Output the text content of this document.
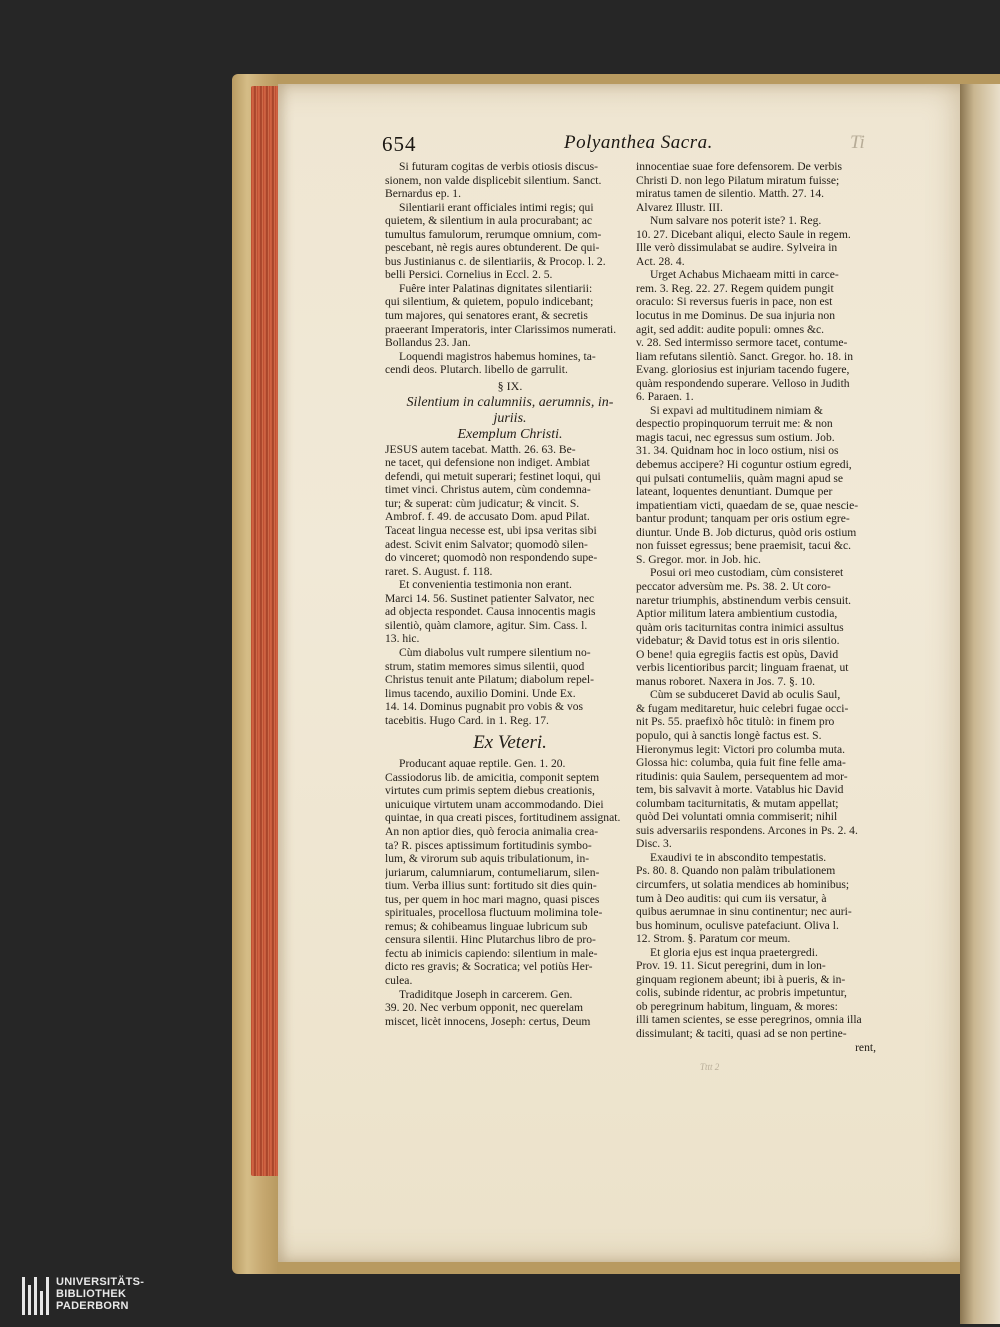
654	Polyanthea Sacra.	Ti

Si futuram cogitas de verbis otiosis discus-

sionem, non valde displicebit silentium. Sanct.

Bernardus ep. 1.

Silentiarii erant officiales intimi regis; qui

quietem, & silentium in aula procurabant; ac

tumultus famulorum, rerumque omnium, com-

pescebant, nè regis aures obtunderent. De qui-

bus Justinianus c. de silentiariis, & Procop. l. 2.

belli Persici. Cornelius in Eccl. 2. 5.

Fuêre inter Palatinas dignitates silentiarii:

qui silentium, & quietem, populo indicebant;

tum majores, qui senatores erant, & secretis

praeerant Imperatoris, inter Clarissimos numerati.

Bollandus 23. Jan.

Loquendi magistros habemus homines, ta-

cendi deos. Plutarch. libello de garrulit.

§ IX.

Silentium in calumniis, aerumnis, in-

juriis.

Exemplum Christi.

JESUS autem tacebat. Matth. 26. 63. Be-

ne tacet, qui defensione non indiget. Ambiat

defendi, qui metuit superari; festinet loqui, qui

timet vinci. Christus autem, cùm condemna-

tur; & superat: cùm judicatur; & vincit. S.

Ambrof. f. 49. de accusato Dom. apud Pilat.

Taceat lingua necesse est, ubi ipsa veritas sibi

adest. Scivit enim Salvator; quomodò silen-

do vinceret; quomodò non respondendo supe-

raret. S. August. f. 118.

Et convenientia testimonia non erant.

Marci 14. 56. Sustinet patienter Salvator, nec

ad objecta respondet. Causa innocentis magis

silentiò, quàm clamore, agitur. Sim. Cass. l.

13. hic.

Cùm diabolus vult rumpere silentium no-

strum, statim memores simus silentii, quod

Christus tenuit ante Pilatum; diabolum repel-

limus tacendo, auxilio Domini. Unde Ex.

14. 14. Dominus pugnabit pro vobis & vos

tacebitis. Hugo Card. in 1. Reg. 17.

Ex Veteri.

Producant aquae reptile. Gen. 1. 20.

Cassiodorus lib. de amicitia, componit septem

virtutes cum primis septem diebus creationis,

unicuique virtutem unam accommodando. Diei

quintae, in qua creati pisces, fortitudinem assignat.

An non aptior dies, quò ferocia animalia crea-

ta? R. pisces aptissimum fortitudinis symbo-

lum, & virorum sub aquis tribulationum, in-

juriarum, calumniarum, contumeliarum, silen-

tium. Verba illius sunt: fortitudo sit dies quin-

tus, per quem in hoc mari magno, quasi pisces

spirituales, procellosa fluctuum molimina tole-

remus; & cohibeamus linguae lubricum sub

censura silentii. Hinc Plutarchus libro de pro-

fectu ab inimicis capiendo: silentium in male-

dicto res gravis; & Socratica; vel potiùs Her-

culea.

Tradiditque Joseph in carcerem. Gen.

39. 20. Nec verbum opponit, nec querelam

miscet, licèt innocens, Joseph: certus, Deum

innocentiae suae fore defensorem. De verbis

Christi D. non lego Pilatum miratum fuisse;

miratus tamen de silentio. Matth. 27. 14.

Alvarez Illustr. III.

Num salvare nos poterit iste? 1. Reg.

10. 27. Dicebant aliqui, electo Saule in regem.

Ille verò dissimulabat se audire. Sylveira in

Act. 28. 4.

Urget Achabus Michaeam mitti in carce-

rem. 3. Reg. 22. 27. Regem quidem pungit

oraculo: Si reversus fueris in pace, non est

locutus in me Dominus. De sua injuria non

agit, sed addit: audite populi: omnes &c.

v. 28. Sed intermisso sermore tacet, contume-

liam refutans silentiò. Sanct. Gregor. ho. 18. in

Evang. gloriosius est injuriam tacendo fugere,

quàm respondendo superare. Velloso in Judith

6. Paraen. 1.

Si expavi ad multitudinem nimiam &

despectio propinquorum terruit me: & non

magis tacui, nec egressus sum ostium. Job.

31. 34. Quidnam hoc in loco ostium, nisi os

debemus accipere? Hi coguntur ostium egredi,

qui pulsati contumeliis, quàm magni apud se

lateant, loquentes denuntiant. Dumque per

impatientiam victi, quaedam de se, quae nescie-

bantur produnt; tanquam per oris ostium egre-

diuntur. Unde B. Job dicturus, quòd oris ostium

non fuisset egressus; bene praemisit, tacui &c.

S. Gregor. mor. in Job. hic.

Posui ori meo custodiam, cùm consisteret

peccator adversùm me. Ps. 38. 2. Ut coro-

naretur triumphis, abstinendum verbis censuit.

Aptior militum latera ambientium custodia,

quàm oris taciturnitas contra inimici assultus

videbatur; & David totus est in oris silentio.

O bene! quia egregiis factis est opùs, David

verbis licentioribus parcit; linguam fraenat, ut

manus roboret. Naxera in Jos. 7. §. 10.

Cùm se subduceret David ab oculis Saul,

& fugam meditaretur, huic celebri fugae occi-

nit Ps. 55. praefixò hôc titulò: in finem pro

populo, qui à sanctis longè factus est. S.

Hieronymus legit: Victori pro columba muta.

Glossa hic: columba, quia fuit fine felle ama-

ritudinis: quia Saulem, persequentem ad mor-

tem, bis salvavit à morte. Vatablus hic David

columbam taciturnitatis, & mutam appellat;

quòd Dei voluntati omnia commiserit; nihil

suis adversariis respondens. Arcones in Ps. 2. 4.

Disc. 3.

Exaudivi te in abscondito tempestatis.

Ps. 80. 8. Quando non palàm tribulationem

circumfers, ut solatia mendices ab hominibus;

tum à Deo auditis: qui cum iis versatur, à

quibus aerumnae in sinu continentur; nec auri-

bus hominum, oculisve patefaciunt. Oliva l.

12. Strom. §. Paratum cor meum.

Et gloria ejus est inqua praetergredi.

Prov. 19. 11. Sicut peregrini, dum in lon-

ginquam regionem abeunt; ibi à pueris, & in-

colis, subinde ridentur, ac probris impetuntur,

ob peregrinum habitum, linguam, & mores:

illi tamen scientes, se esse peregrinos, omnia illa

dissimulant; & taciti, quasi ad se non pertine-

rent,

Tttt 2
UNIVERSITÄTS-
BIBLIOTHEK
PADERBORN
